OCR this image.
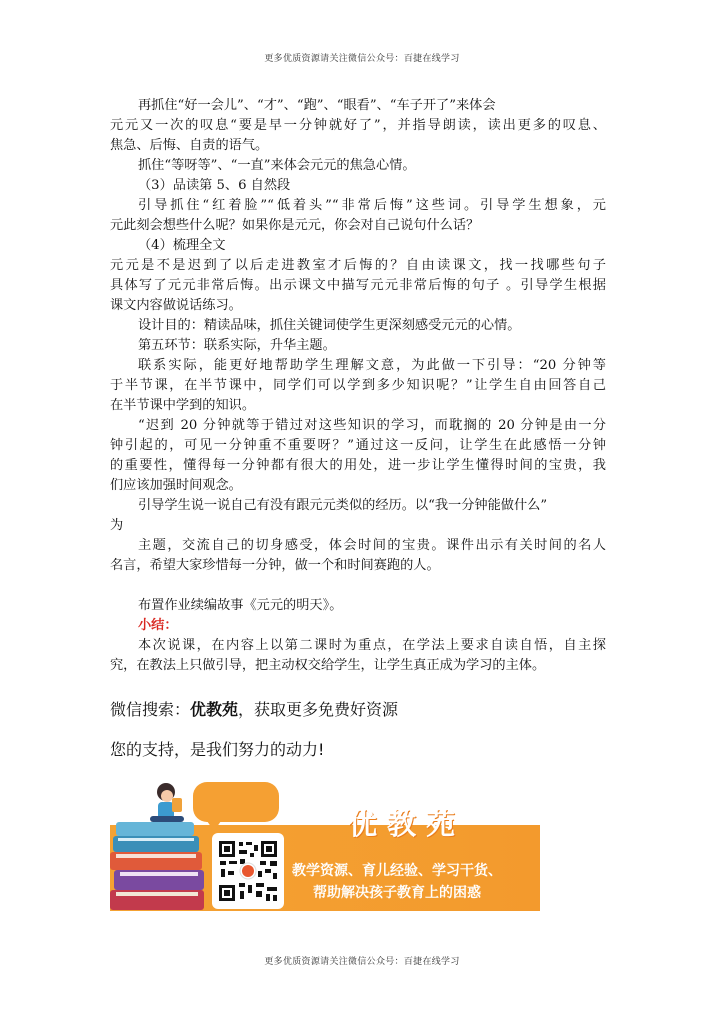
更多优质资源请关注微信公众号：百捷在线学习
再抓住“好一会儿”、“才”、“跑”、“眼看”、“车子开了”来体会
元元又一次的叹息“要是早一分钟就好了”，并指导朗读，读出更多的叹息、
焦急、后悔、自责的语气。
抓住“等呀等”、“一直”来体会元元的焦急心情。
（3）品读第 5、6 自然段
引导抓住“红着脸”“低着头”“非常后悔”这些词。引导学生想象，元
元此刻会想些什么呢？如果你是元元，你会对自己说句什么话？
（4）梳理全文
元元是不是迟到了以后走进教室才后悔的？自由读课文，找一找哪些句子
具体写了元元非常后悔。出示课文中描写元元非常后悔的句子 。引导学生根据
课文内容做说话练习。
设计目的：精读品味，抓住关键词使学生更深刻感受元元的心情。
第五环节：联系实际，升华主题。
联系实际，能更好地帮助学生理解文意，为此做一下引导：“20 分钟等
于半节课，在半节课中，同学们可以学到多少知识呢？”让学生自由回答自己
在半节课中学到的知识。
“迟到 20 分钟就等于错过对这些知识的学习，而耽搁的 20 分钟是由一分
钟引起的，可见一分钟重不重要呀？”通过这一反问，让学生在此感悟一分钟
的重要性，懂得每一分钟都有很大的用处，进一步让学生懂得时间的宝贵，我
们应该加强时间观念。
引导学生说一说自己有没有跟元元类似的经历。以“我一分钟能做什么”
为
主题，交流自己的切身感受，体会时间的宝贵。课件出示有关时间的名人
名言，希望大家珍惜每一分钟，做一个和时间赛跑的人。
布置作业续编故事《元元的明天》。
小结：
本次说课，在内容上以第二课时为重点，在学法上要求自读自悟，自主探
究，在教法上只做引导，把主动权交给学生，让学生真正成为学习的主体。
微信搜索：优教苑，获取更多免费好资源
您的支持，是我们努力的动力!
优教苑
教学资源、育儿经验、学习干货、
帮助解决孩子教育上的困惑
更多优质资源请关注微信公众号：百捷在线学习
